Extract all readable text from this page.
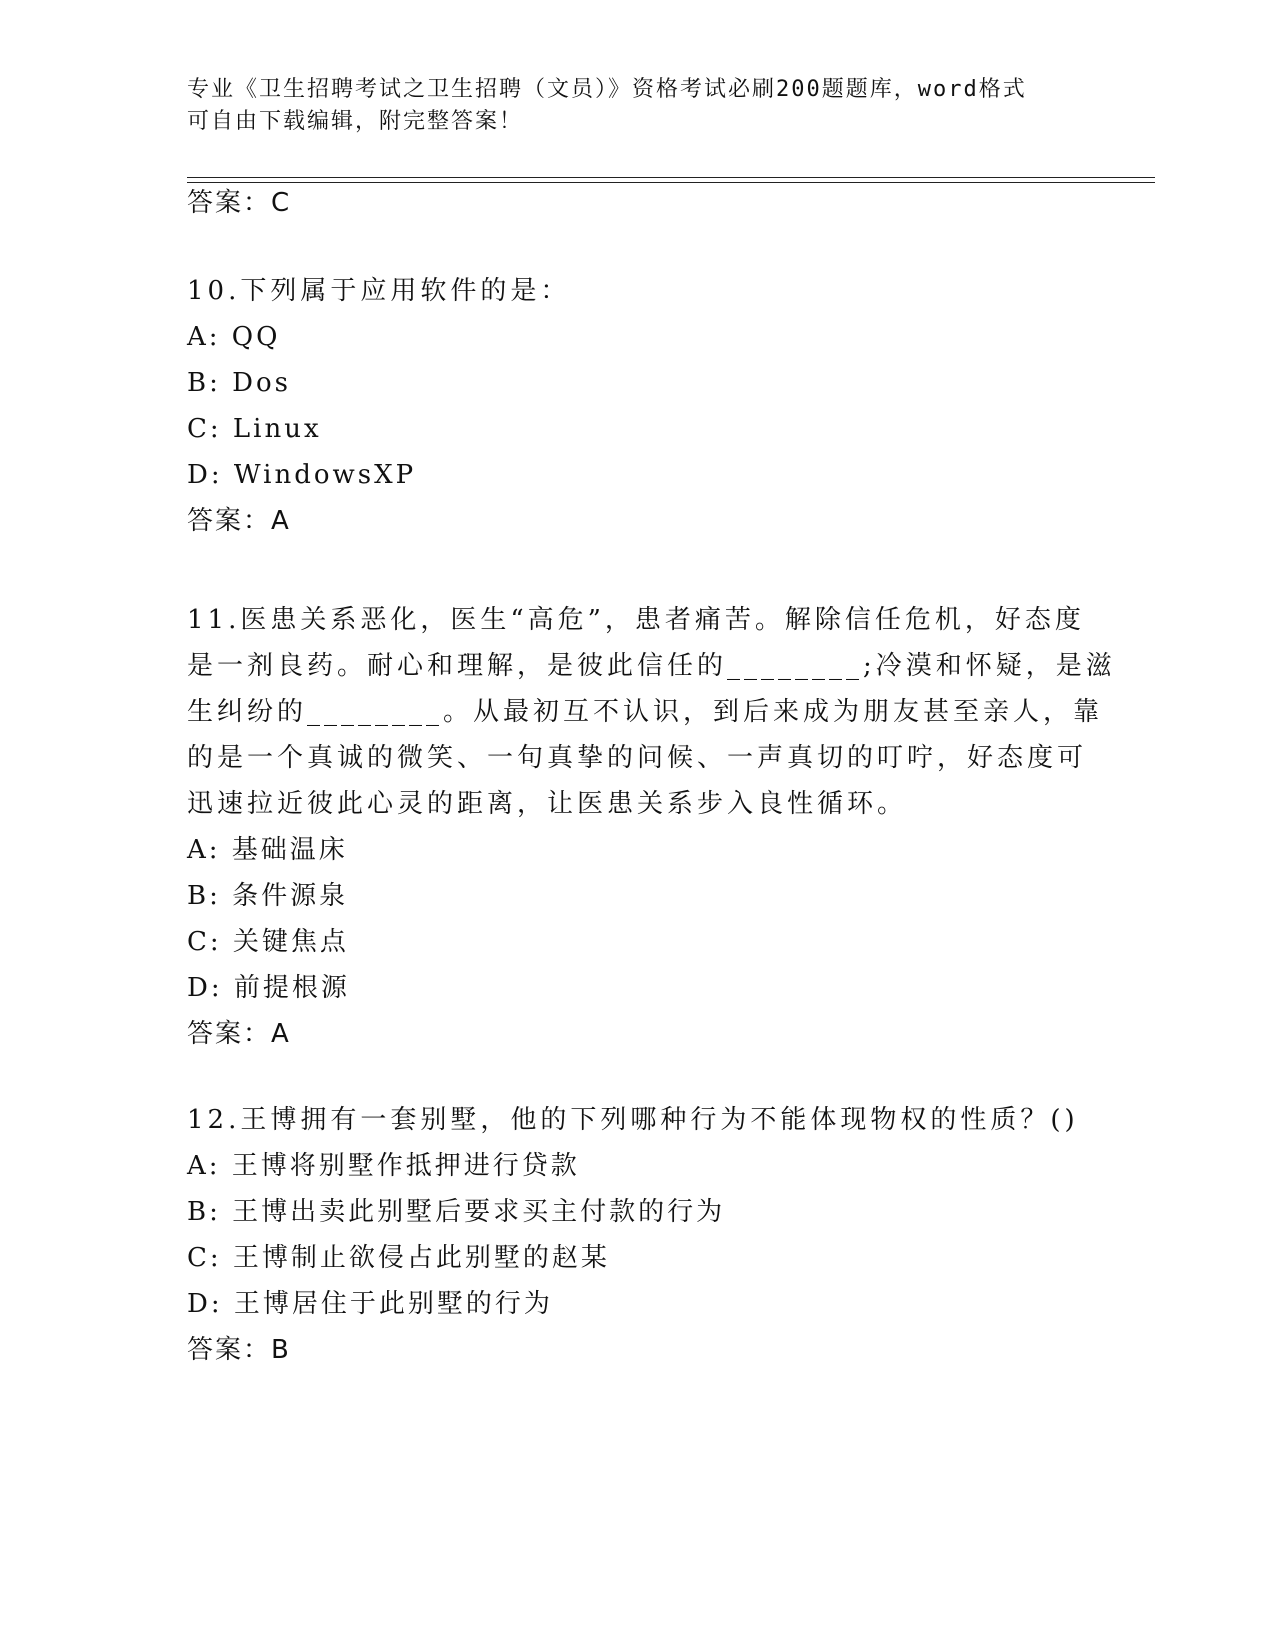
专业《卫生招聘考试之卫生招聘（文员）》资格考试必刷200题题库，word格式
可自由下载编辑，附完整答案！
答案：C
10.下列属于应用软件的是：
A: QQ
B: Dos
C: Linux
D: WindowsXP
答案：A
11.医患关系恶化，医生“高危”，患者痛苦。解除信任危机，好态度
是一剂良药。耐心和理解，是彼此信任的________;冷漠和怀疑，是滋
生纠纷的________。从最初互不认识，到后来成为朋友甚至亲人，靠
的是一个真诚的微笑、一句真挚的问候、一声真切的叮咛，好态度可
迅速拉近彼此心灵的距离，让医患关系步入良性循环。
A: 基础温床
B: 条件源泉
C: 关键焦点
D: 前提根源
答案：A
12.王博拥有一套别墅，他的下列哪种行为不能体现物权的性质？()
A: 王博将别墅作抵押进行贷款
B: 王博出卖此别墅后要求买主付款的行为
C: 王博制止欲侵占此别墅的赵某
D: 王博居住于此别墅的行为
答案：B
